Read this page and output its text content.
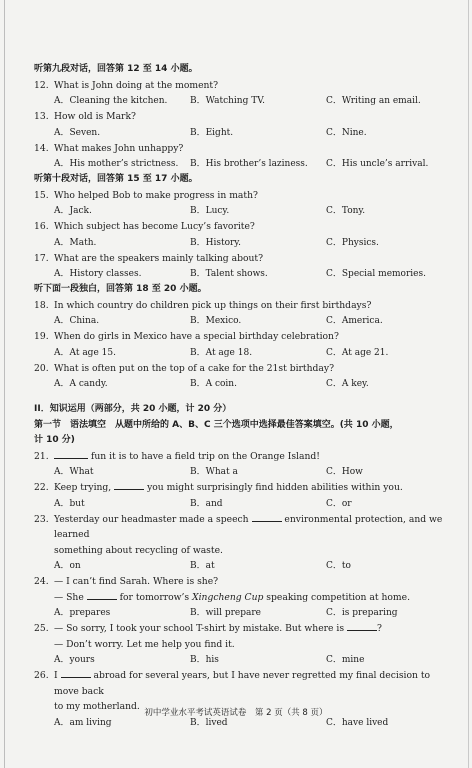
听第九段对话，回答第 12 至 14 小题。
12. What is John doing at the moment?
A．Cleaning the kitchen.	B．Watching TV.	C．Writing an email.
13. How old is Mark?
A．Seven.	B．Eight.	C．Nine.
14. What makes John unhappy?
A．His mother’s strictness.	B．His brother’s laziness.	C．His uncle’s arrival.
听第十段对话，回答第 15 至 17 小题。
15. Who helped Bob to make progress in math?
A．Jack.	B．Lucy.	C．Tony.
16. Which subject has become Lucy’s favorite?
A．Math.	B．History.	C．Physics.
17. What are the speakers mainly talking about?
A．History classes.	B．Talent shows.	C．Special memories.
听下面一段独白，回答第 18 至 20 小题。
18. In which country do children pick up things on their first birthdays?
A．China.	B．Mexico.	C．America.
19. When do girls in Mexico have a special birthday celebration?
A．At age 15.	B．At age 18.	C．At age 21.
20. What is often put on the top of a cake for the 21st birthday?
A．A candy.	B．A coin.	C．A key.
II．知识运用（两部分，共 20 小题，计 20 分）
第一节　语法填空　从题中所给的 A、B、C 三个选项中选择最佳答案填空。(共 10 小题，
计 10 分)
21.	fun it is to have a field trip on the Orange Island!
A．What	B．What a	C．How
22. Keep trying,	you might surprisingly find hidden abilities within you.
A．but	B．and	C．or
23. Yesterday our headmaster made a speech	environmental protection, and we learned
something about recycling of waste.
A．on	B．at	C．to
24. — I can’t find Sarah. Where is she?
— She	for tomorrow’s Xingcheng Cup speaking competition at home.
A．prepares	B．will prepare	C．is preparing
25. — So sorry, I took your school T-shirt by mistake. But where is	?
— Don’t worry. Let me help you find it.
A．yours	B．his	C．mine
26. I	abroad for several years, but I have never regretted my final decision to move back
to my motherland.
A．am living	B．lived	C．have lived
初中学业水平考试英语试卷　第 2 页（共 8 页）
